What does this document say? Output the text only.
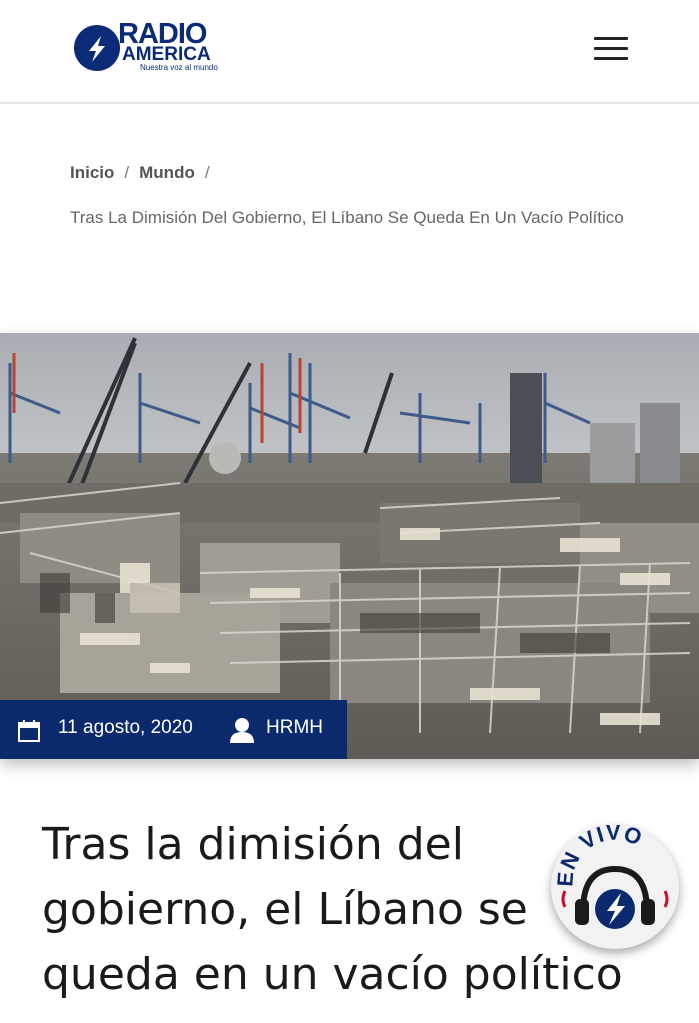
RADIO
AMERICA
Nuestra voz al mundo
Inicio / Mundo /
Tras La Dimisión Del Gobierno, El Líbano Se Queda En Un Vacío Político
11 agosto, 2020	HRMH
Tras la dimisión del gobierno, el Líbano se queda en un vacío político
EN VIVO
